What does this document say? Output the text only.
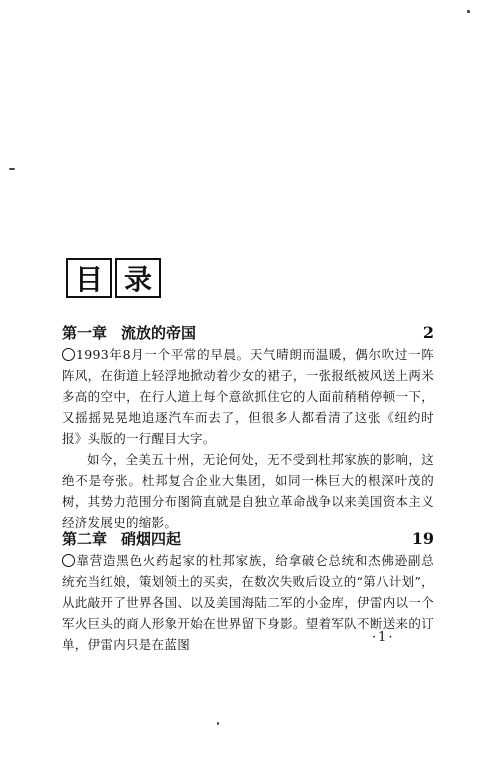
目 录
第一章 流放的帝国	2

1993年8月一个平常的早晨。天气晴朗而温暖，偶尔吹过一阵阵风，在街道上轻浮地掀动着少女的裙子，一张报纸被风送上两米多高的空中，在行人道上每个意欲抓住它的人面前稍稍停顿一下，又摇摇晃晃地追逐汽车而去了，但很多人都看清了这张《纽约时报》头版的一行醒目大字。

如今，全美五十州，无论何处，无不受到杜邦家族的影响，这绝不是夸张。杜邦复合企业大集团，如同一株巨大的根深叶茂的树，其势力范围分布图简直就是自独立革命战争以来美国资本主义经济发展史的缩影。

第二章 硝烟四起	19

靠营造黑色火药起家的杜邦家族，给拿破仑总统和杰佛逊副总统充当红娘，策划领土的买卖，在数次失败后设立的“第八计划”，从此敲开了世界各国、以及美国海陆二军的小金库，伊雷内以一个军火巨头的商人形象开始在世界留下身影。望着军队不断送来的订单，伊雷内只是在蓝图	·1·
